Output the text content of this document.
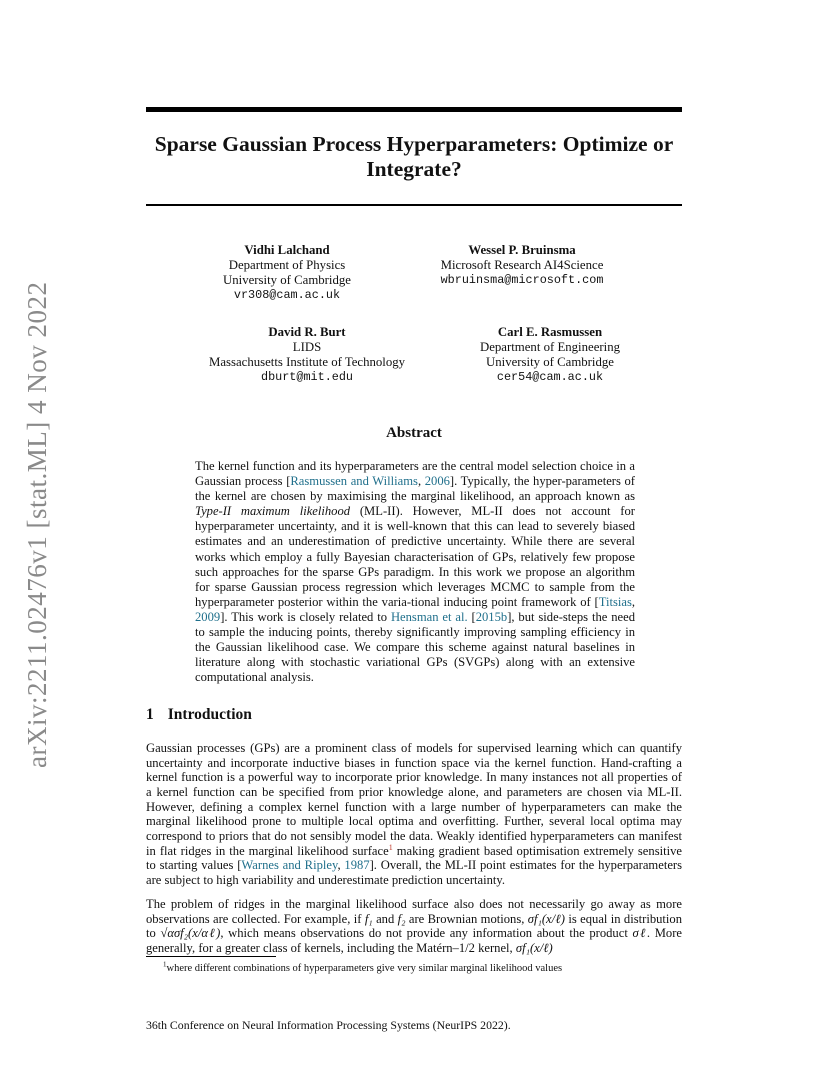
arXiv:2211.02476v1 [stat.ML] 4 Nov 2022
Sparse Gaussian Process Hyperparameters: Optimize or Integrate?
Vidhi Lalchand
Department of Physics
University of Cambridge
vr308@cam.ac.uk
Wessel P. Bruinsma
Microsoft Research AI4Science
wbruinsma@microsoft.com
David R. Burt
LIDS
Massachusetts Institute of Technology
dburt@mit.edu
Carl E. Rasmussen
Department of Engineering
University of Cambridge
cer54@cam.ac.uk
Abstract
The kernel function and its hyperparameters are the central model selection choice in a Gaussian process [Rasmussen and Williams, 2006]. Typically, the hyper-parameters of the kernel are chosen by maximising the marginal likelihood, an approach known as Type-II maximum likelihood (ML-II). However, ML-II does not account for hyperparameter uncertainty, and it is well-known that this can lead to severely biased estimates and an underestimation of predictive uncertainty. While there are several works which employ a fully Bayesian characterisation of GPs, relatively few propose such approaches for the sparse GPs paradigm. In this work we propose an algorithm for sparse Gaussian process regression which leverages MCMC to sample from the hyperparameter posterior within the varia-tional inducing point framework of [Titsias, 2009]. This work is closely related to Hensman et al. [2015b], but side-steps the need to sample the inducing points, thereby significantly improving sampling efficiency in the Gaussian likelihood case. We compare this scheme against natural baselines in literature along with stochastic variational GPs (SVGPs) along with an extensive computational analysis.
1 Introduction
Gaussian processes (GPs) are a prominent class of models for supervised learning which can quantify uncertainty and incorporate inductive biases in function space via the kernel function. Hand-crafting a kernel function is a powerful way to incorporate prior knowledge. In many instances not all properties of a kernel function can be specified from prior knowledge alone, and parameters are chosen via ML-II. However, defining a complex kernel function with a large number of hyperparameters can make the marginal likelihood prone to multiple local optima and overfitting. Further, several local optima may correspond to priors that do not sensibly model the data. Weakly identified hyperparameters can manifest in flat ridges in the marginal likelihood surface$^1$ making gradient based optimisation extremely sensitive to starting values [Warnes and Ripley, 1987]. Overall, the ML-II point estimates for the hyperparameters are subject to high variability and underestimate prediction uncertainty.
The problem of ridges in the marginal likelihood surface also does not necessarily go away as more observations are collected. For example, if f₁ and f₂ are Brownian motions, σf₁(x/ℓ) is equal in distribution to √ασf₂(x/αℓ), which means observations do not provide any information about the product σℓ. More generally, for a greater class of kernels, including the Matérn–1/2 kernel, σf₁(x/ℓ)
$^1$where different combinations of hyperparameters give very similar marginal likelihood values
36th Conference on Neural Information Processing Systems (NeurIPS 2022).
